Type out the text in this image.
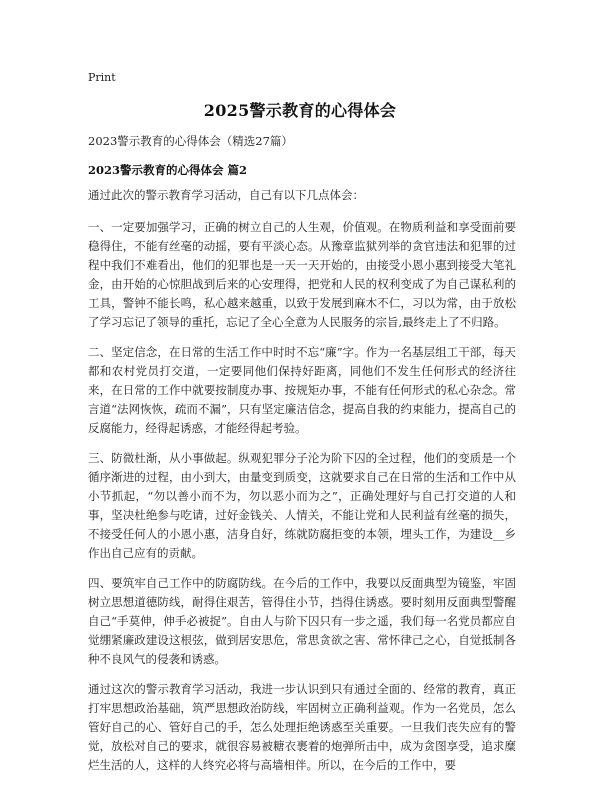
Print
2025警示教育的心得体会
2023警示教育的心得体会（精选27篇）
2023警示教育的心得体会 篇2

通过此次的警示教育学习活动，自己有以下几点体会：

一、一定要加强学习，正确的树立自己的人生观，价值观。在物质利益和享受面前要稳得住，不能有丝毫的动摇，要有平淡心态。从豫章监狱列举的贪官违法和犯罪的过程中我们不难看出，他们的犯罪也是一天一天开始的，由接受小恩小惠到接受大笔礼金，由开始的心惊胆战到后来的心安理得，把党和人民的权利变成了为自己谋私利的工具，警钟不能长鸣，私心越来越重，以致于发展到麻木不仁，习以为常，由于放松了学习忘记了领导的重托，忘记了全心全意为人民服务的宗旨,最终走上了不归路。

二、坚定信念，在日常的生活工作中时时不忘“廉”字。作为一名基层组工干部，每天都和农村党员打交道，一定要同他们保持好距离，同他们不发生任何形式的经济往来，在日常的工作中就要按制度办事、按规矩办事，不能有任何形式的私心杂念。常言道“法网恢恢，疏而不漏”，只有坚定廉洁信念，提高自我的约束能力，提高自己的反腐能力，经得起诱惑，才能经得起考验。

三、防微杜渐，从小事做起。纵观犯罪分子沦为阶下囚的全过程，他们的变质是一个循序渐进的过程，由小到大，由量变到质变，这就要求自己在日常的生活和工作中从小节抓起，“勿以善小而不为，勿以恶小而为之”，正确处理好与自己打交道的人和事，坚决杜绝参与吃请，过好金钱关、人情关，不能让党和人民利益有丝毫的损失，不接受任何人的小恩小惠，洁身自好，练就防腐拒变的本领，埋头工作，为建设__乡作出自己应有的贡献。

四、要筑牢自己工作中的防腐防线。在今后的工作中，我要以反面典型为镜鉴，牢固树立思想道德防线，耐得住艰苦，管得住小节，挡得住诱惑。要时刻用反面典型警醒自己“手莫伸，伸手必被捉”。自由人与阶下囚只有一步之遥，我们每一名党员都应自觉绷紧廉政建设这根弦，做到居安思危，常思贪欲之害、常怀律己之心，自觉抵制各种不良风气的侵袭和诱惑。

通过这次的警示教育学习活动，我进一步认识到只有通过全面的、经常的教育，真正打牢思想政治基础，筑严思想政治防线，牢固树立正确利益观。作为一名党员，怎么管好自己的心、管好自己的手，怎么处理拒绝诱惑至关重要。一旦我们丧失应有的警觉，放松对自己的要求，就很容易被糖衣裹着的炮弹所击中，成为贪图享受，追求糜烂生活的人，这样的人终究必将与高墙相伴。所以，在今后的工作中，要
